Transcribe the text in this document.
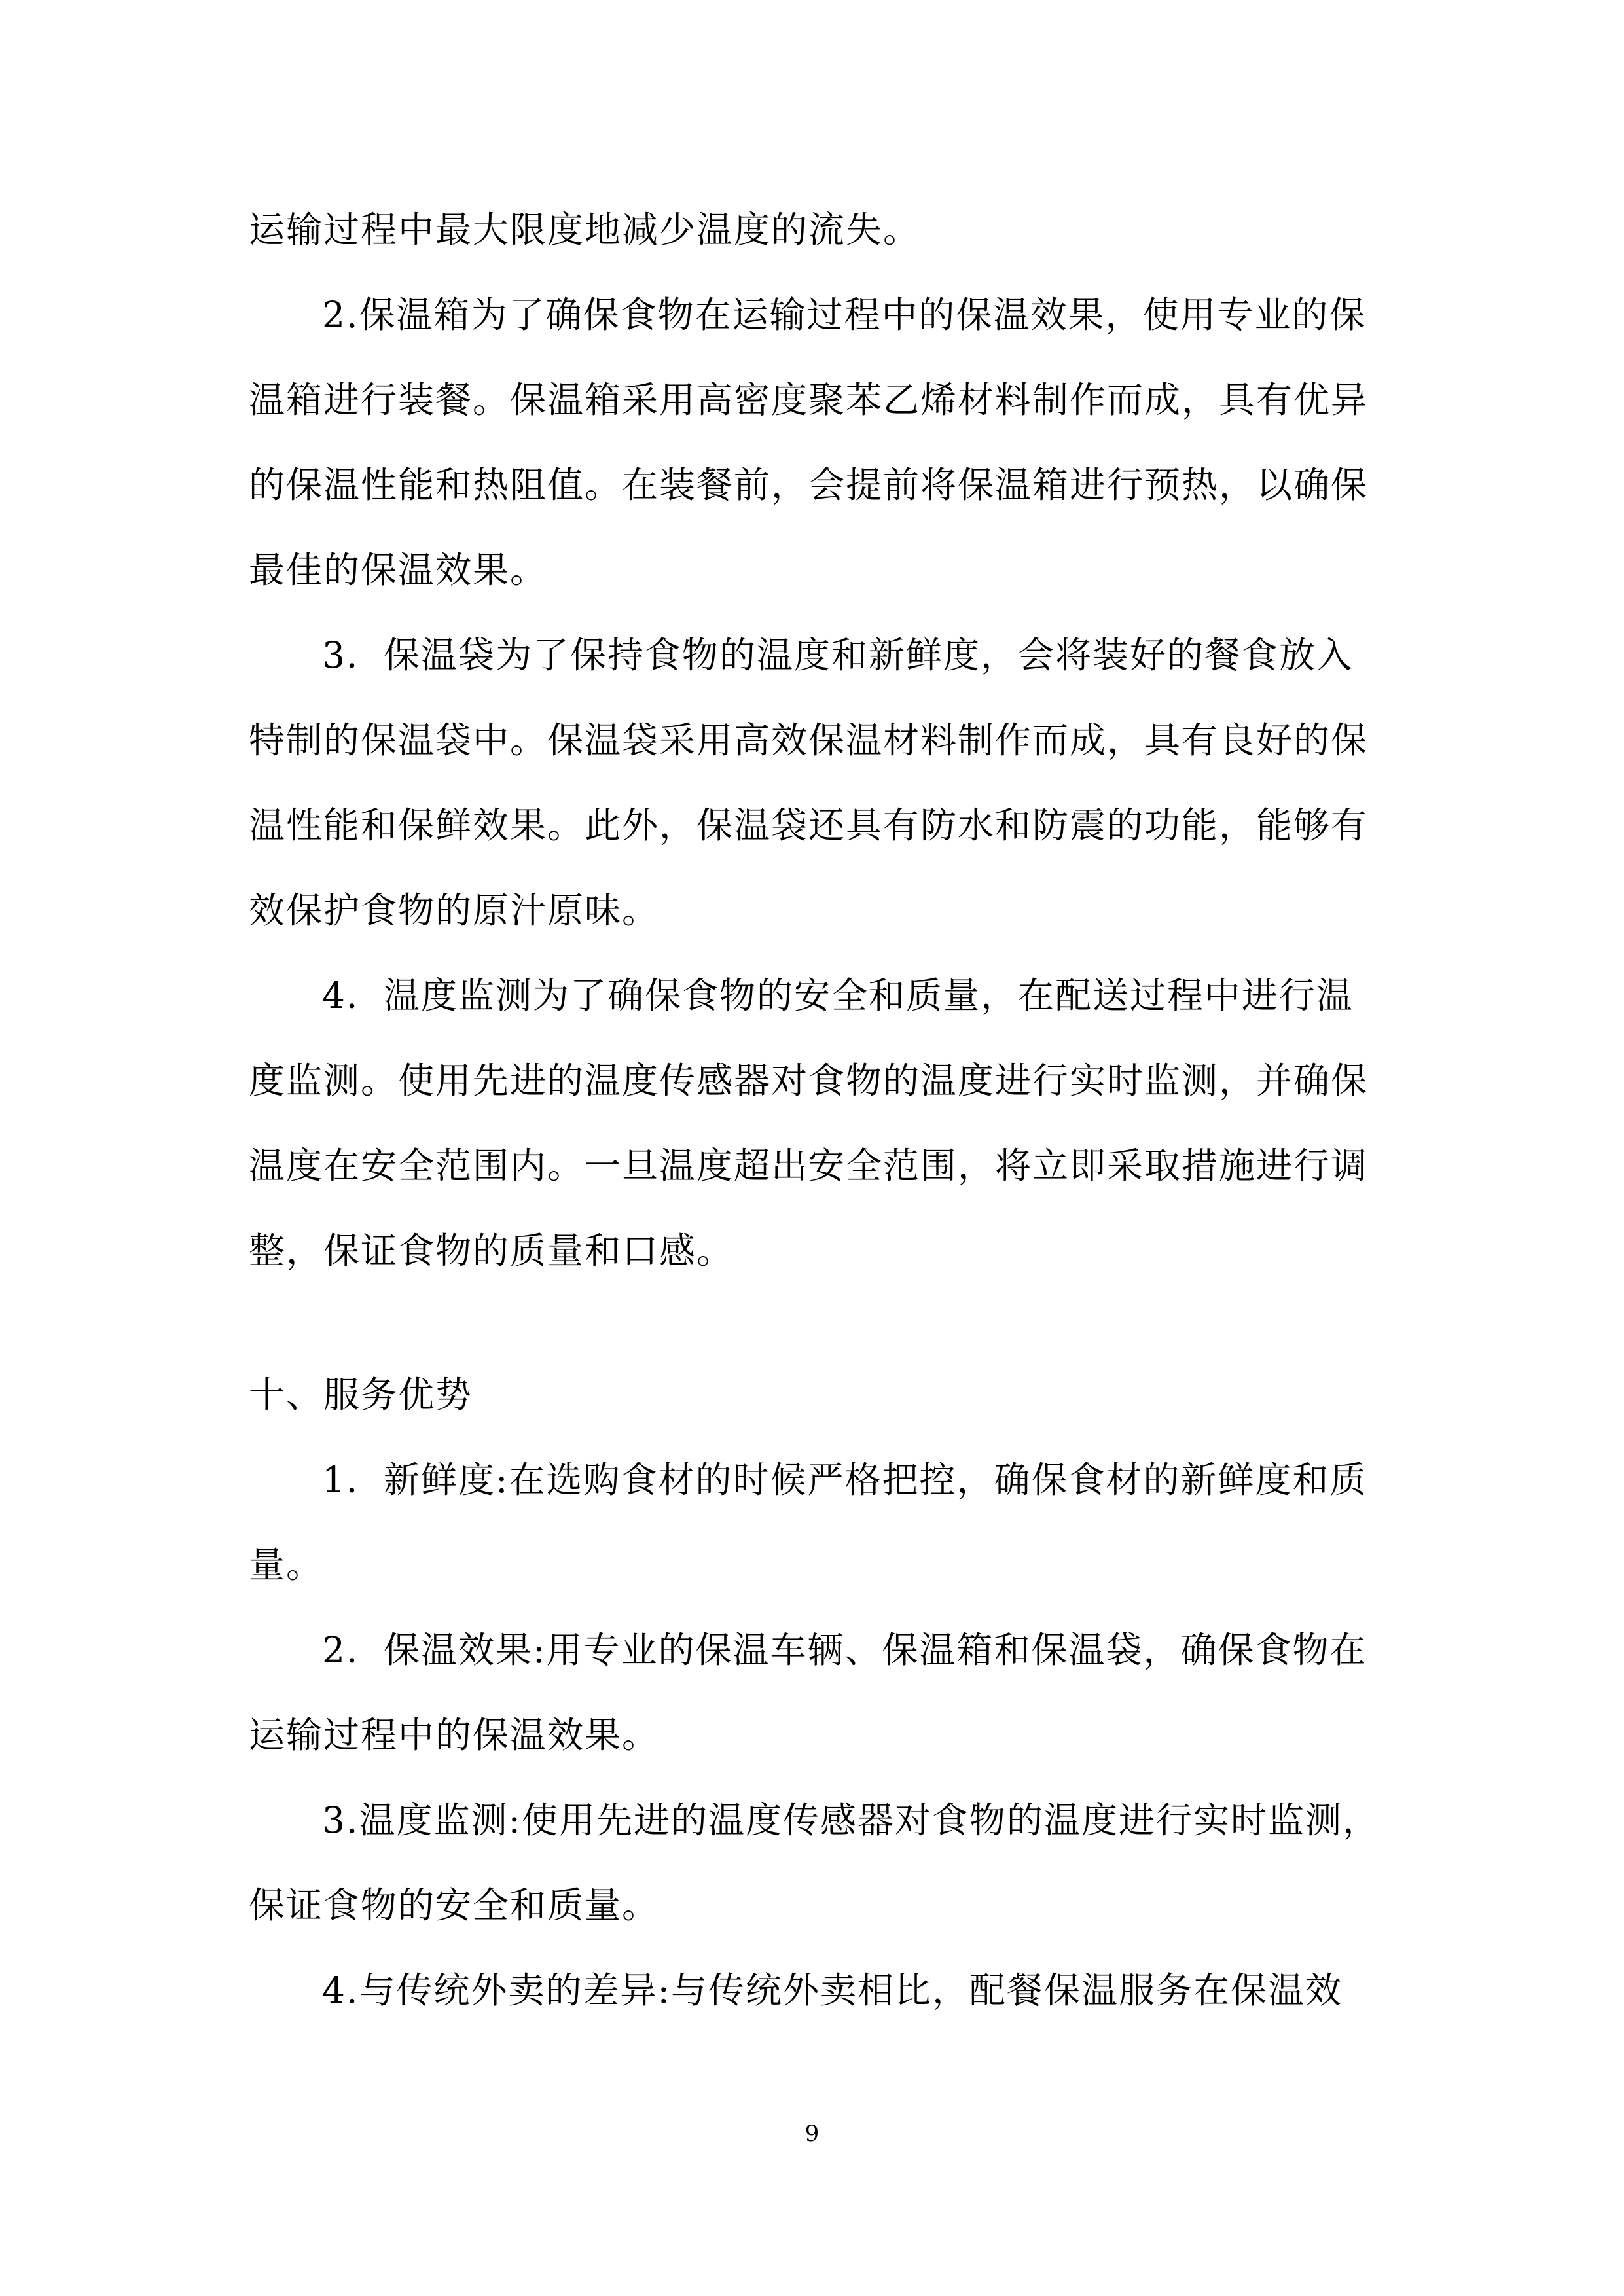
运输过程中最大限度地减少温度的流失。
2.保温箱为了确保食物在运输过程中的保温效果，使用专业的保
温箱进行装餐。保温箱采用高密度聚苯乙烯材料制作而成，具有优异
的保温性能和热阻值。在装餐前，会提前将保温箱进行预热，以确保
最佳的保温效果。
3．保温袋为了保持食物的温度和新鲜度，会将装好的餐食放入
特制的保温袋中。保温袋采用高效保温材料制作而成，具有良好的保
温性能和保鲜效果。此外，保温袋还具有防水和防震的功能，能够有
效保护食物的原汁原味。
4．温度监测为了确保食物的安全和质量，在配送过程中进行温
度监测。使用先进的温度传感器对食物的温度进行实时监测，并确保
温度在安全范围内。一旦温度超出安全范围，将立即采取措施进行调
整，保证食物的质量和口感。
十、服务优势
1．新鲜度:在选购食材的时候严格把控，确保食材的新鲜度和质
量。
2．保温效果:用专业的保温车辆、保温箱和保温袋，确保食物在
运输过程中的保温效果。
3.温度监测:使用先进的温度传感器对食物的温度进行实时监测，
保证食物的安全和质量。
4.与传统外卖的差异:与传统外卖相比，配餐保温服务在保温效
9
